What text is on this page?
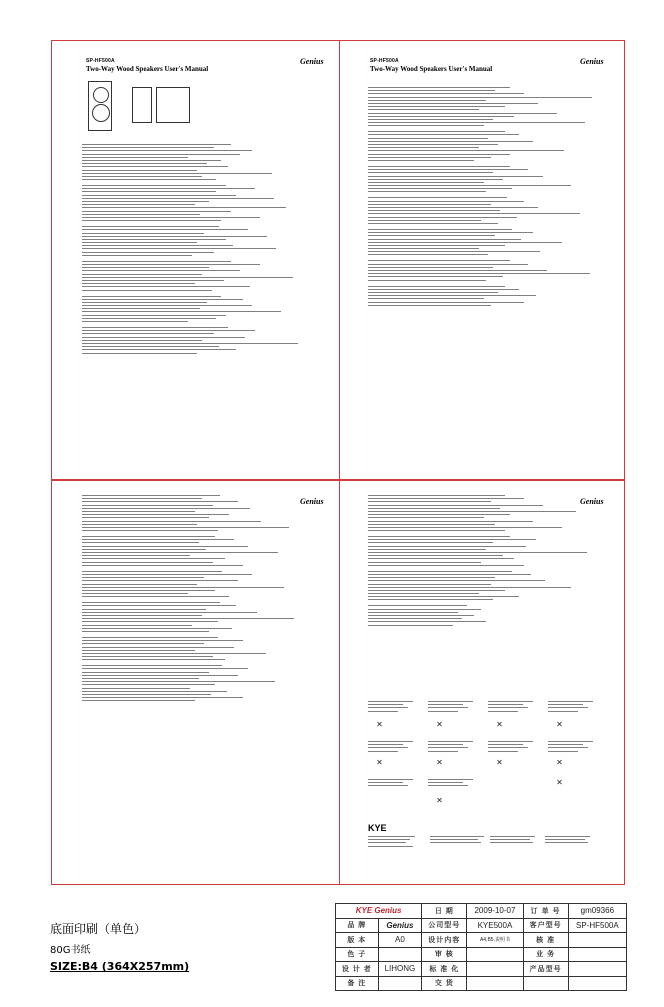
SP-HF500A
Two-Way Wood Speakers User's Manual
Genius	SP-HF500A
Two-Way Wood Speakers User's Manual
Genius
Genius	Genius
✕	✕	✕	✕
✕	✕	✕	✕
✕
✕
KYE
底面印刷（单色）
80G书纸
SIZE:B4 (364X257mm)
KYE Genius		日 期	2009-10-07	订 单 号	gm09366
品 牌	Genius	公司型号	KYE500A	客户型号	SP-HF500A
版 本	A0	设计内容	A4,B5,说明书	核 准	
色 子		审 核		业 务	
设 计 者	LIHONG	标 准 化		产品型号	
备 注		交 货			
